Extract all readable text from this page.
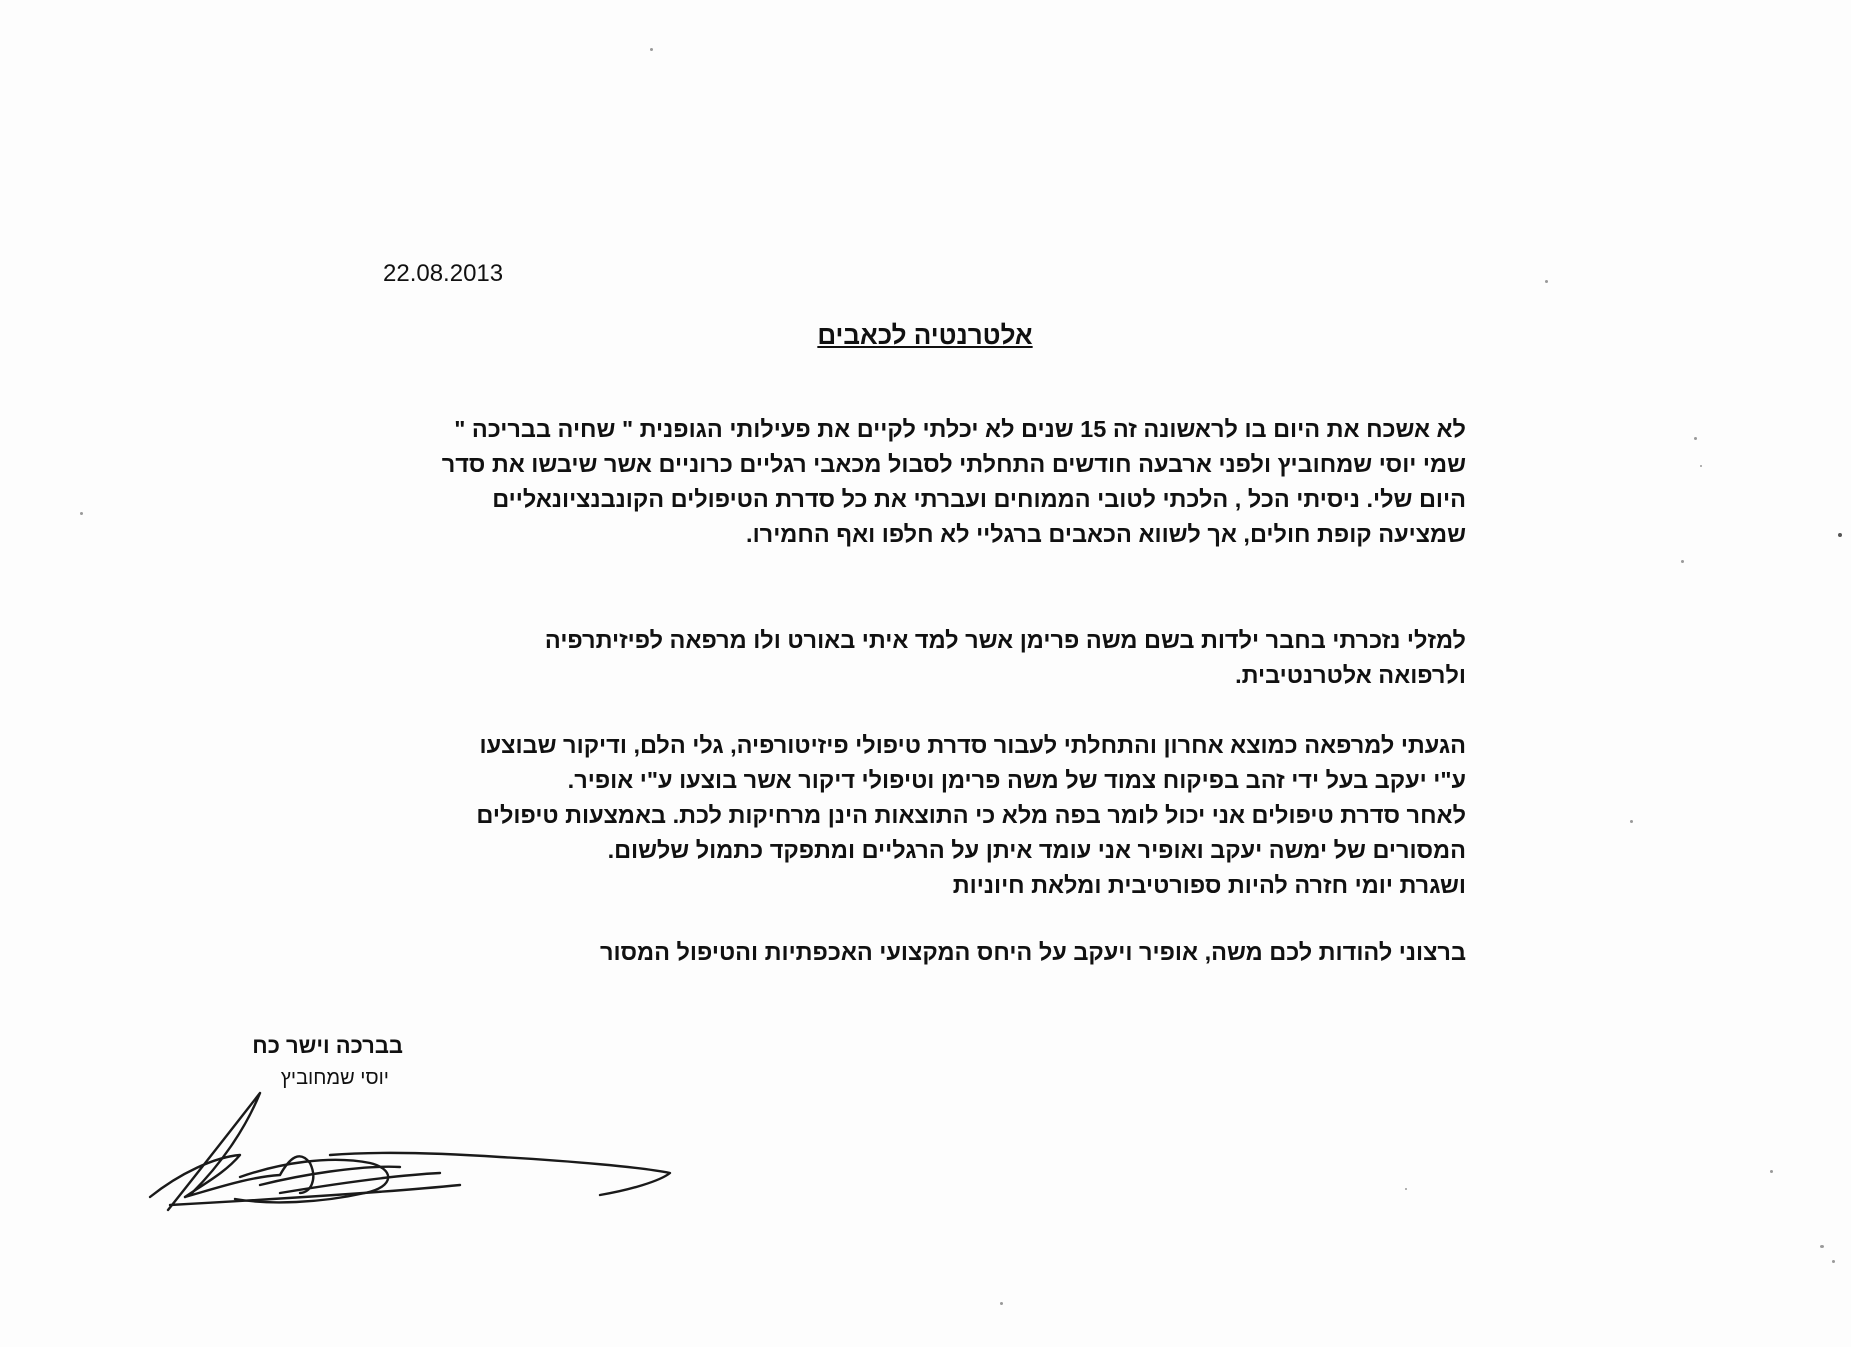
22.08.2013
אלטרנטיה לכאבים
לא אשכח את היום בו לראשונה זה 15 שנים לא יכלתי לקיים את פעילותי הגופנית " שחיה בבריכה "
שמי יוסי שמחוביץ ולפני ארבעה חודשים התחלתי לסבול מכאבי רגליים כרוניים אשר שיבשו את סדר
היום שלי. ניסיתי הכל , הלכתי לטובי הממוחים ועברתי את כל סדרת הטיפולים הקונבנציונאליים
שמציעה קופת חולים, אך לשווא הכאבים ברגליי לא חלפו ואף החמירו.
למזלי נזכרתי בחבר ילדות בשם משה פרימן אשר למד איתי באורט ולו מרפאה לפיזיתרפיה
ולרפואה אלטרנטיבית.
הגעתי למרפאה כמוצא אחרון והתחלתי לעבור סדרת טיפולי פיזיטורפיה, גלי הלם, ודיקור שבוצעו
ע"י יעקב בעל ידי זהב בפיקוח צמוד של משה פרימן וטיפולי דיקור אשר בוצעו ע"י אופיר.
לאחר סדרת טיפולים אני יכול לומר בפה מלא כי התוצאות הינן מרחיקות לכת. באמצעות טיפולים
המסורים של ימשה יעקב ואופיר אני עומד איתן על הרגליים ומתפקד כתמול שלשום.
ושגרת יומי חזרה להיות ספורטיבית ומלאת חיוניות
ברצוני להודות לכם משה, אופיר ויעקב על היחס המקצועי האכפתיות והטיפול המסור
בברכה וישר כח
יוסי שמחוביץ
